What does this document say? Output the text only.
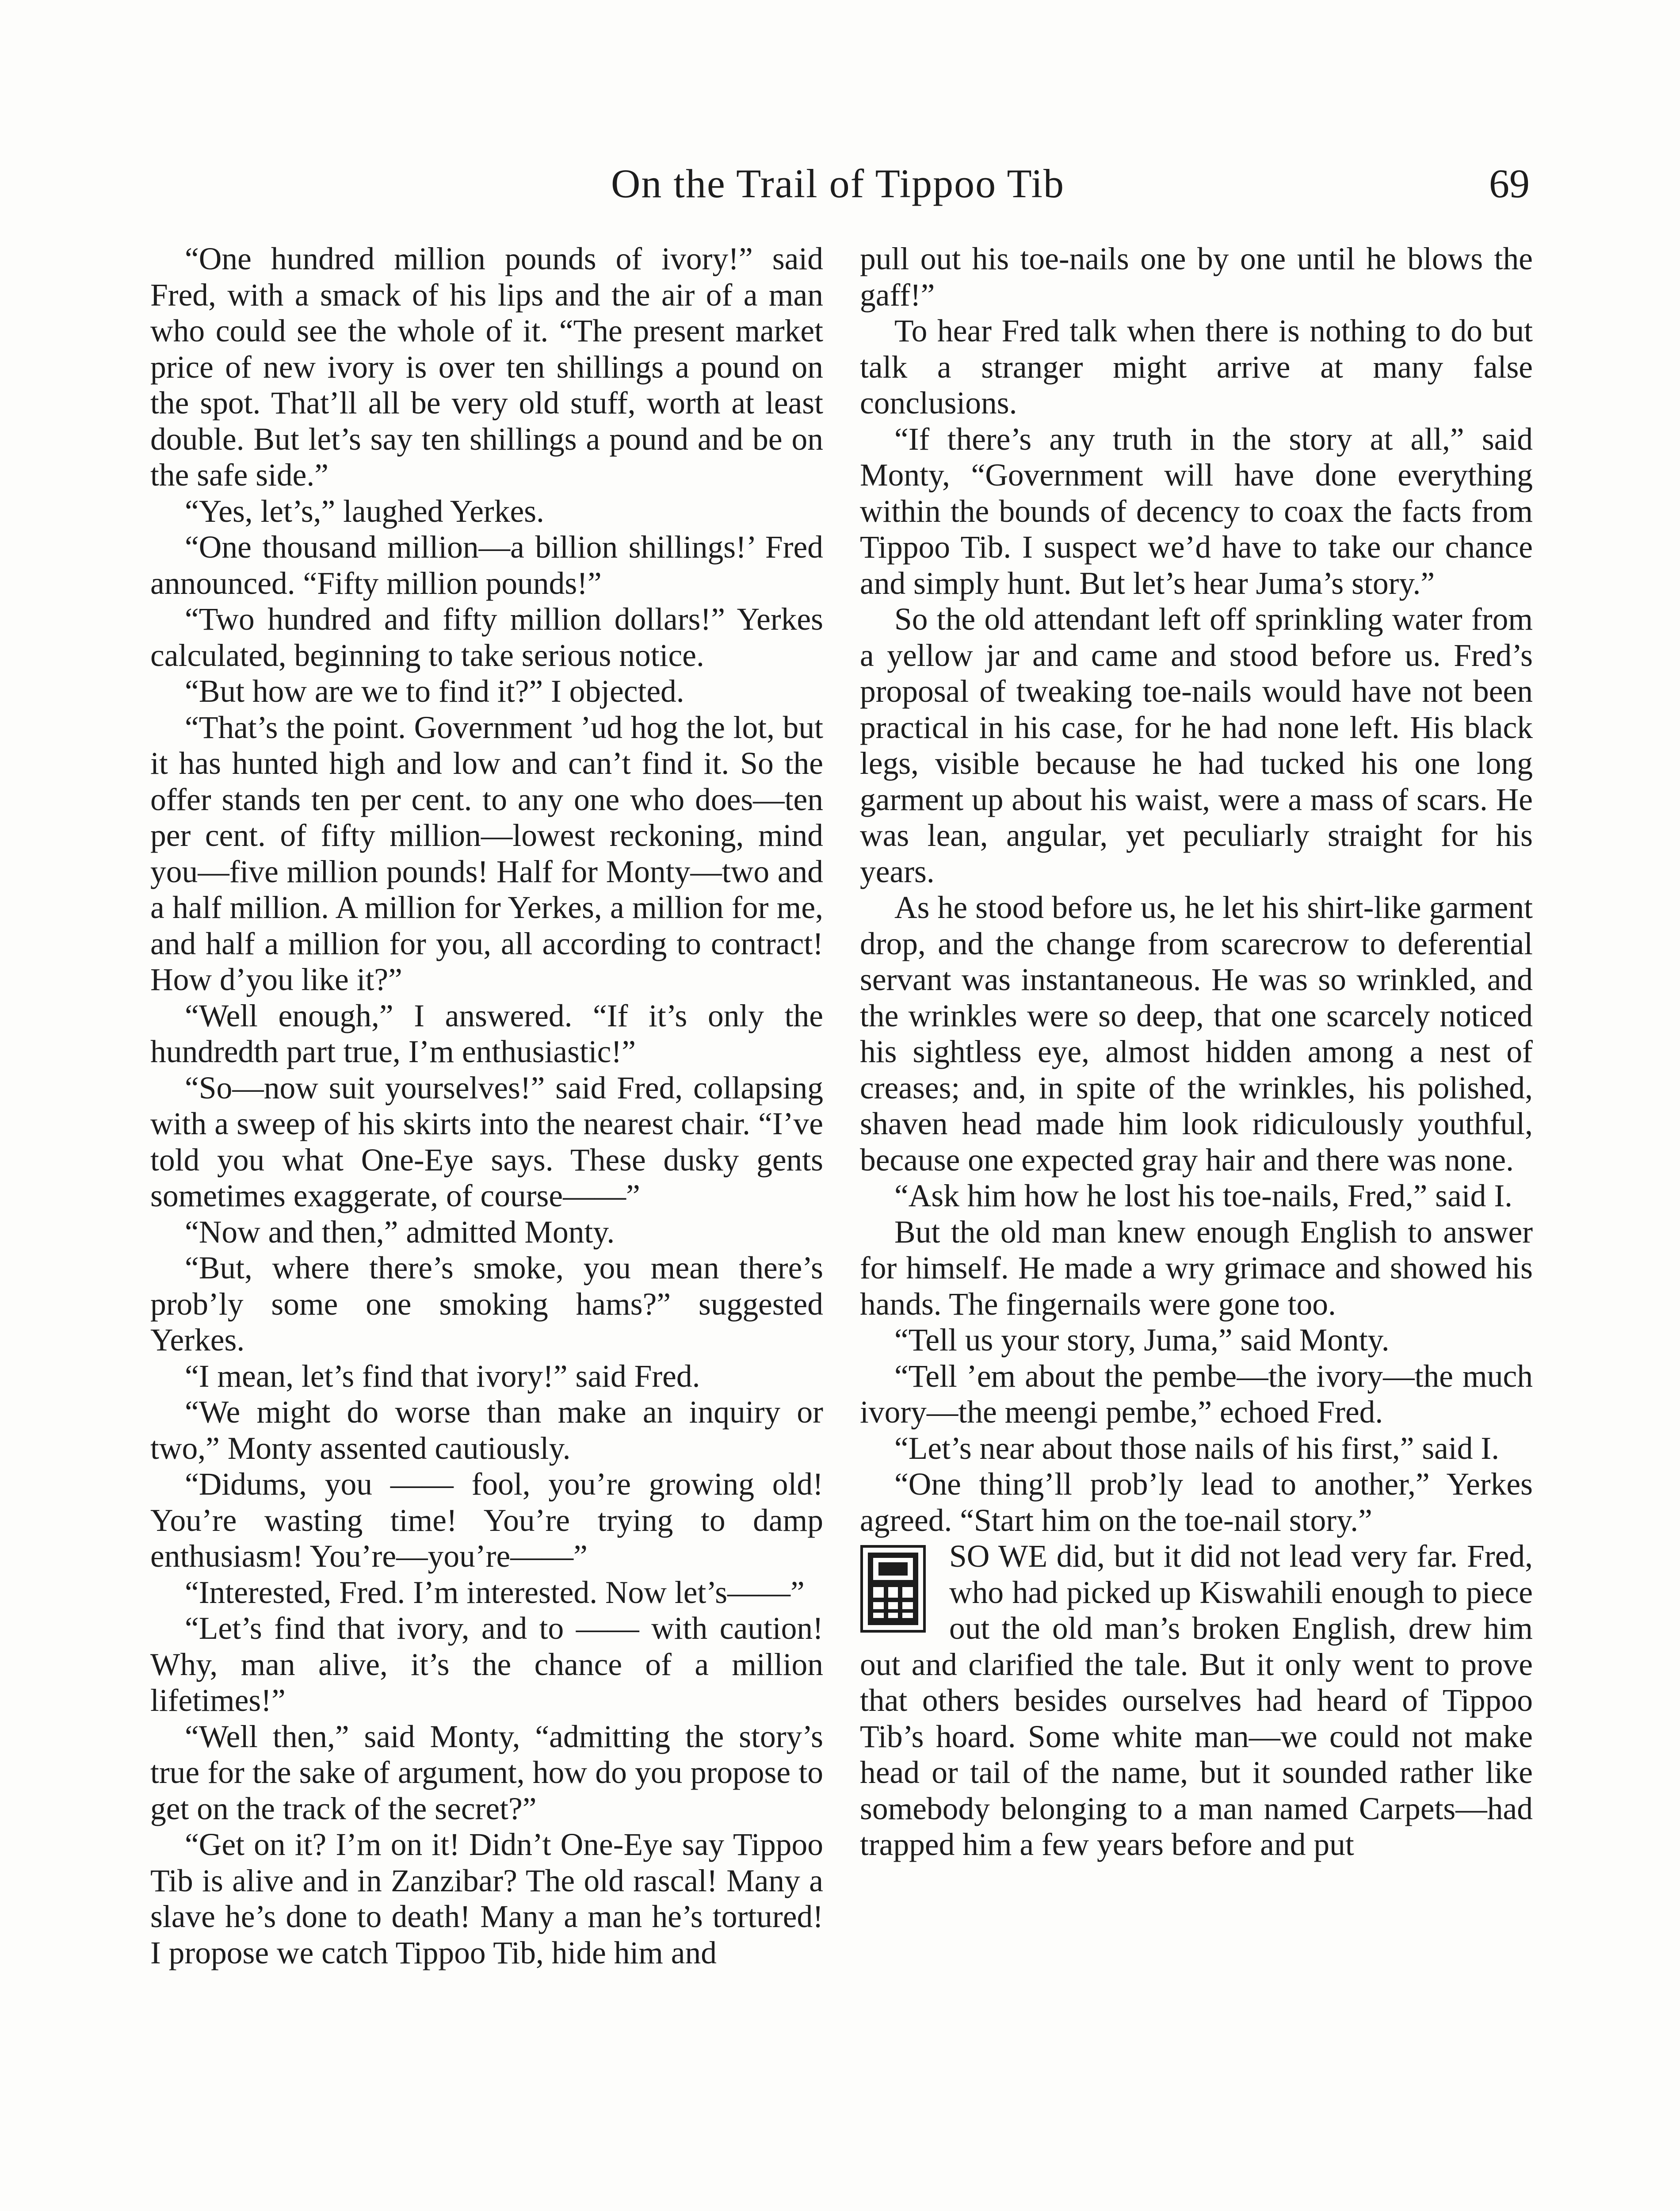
On the Trail of Tippoo Tib	69

“One hundred million pounds of ivory!” said Fred, with a smack of his lips and the air of a man who could see the whole of it. “The present market price of new ivory is over ten shillings a pound on the spot. That’ll all be very old stuff, worth at least double. But let’s say ten shillings a pound and be on the safe side.”

“Yes, let’s,” laughed Yerkes.

“One thousand million—a billion shillings!’ Fred announced. “Fifty million pounds!”

“Two hundred and fifty million dollars!” Yerkes calculated, beginning to take serious notice.

“But how are we to find it?” I objected.

“That’s the point. Government ’ud hog the lot, but it has hunted high and low and can’t find it. So the offer stands ten per cent. to any one who does—ten per cent. of fifty million—lowest reckoning, mind you—five million pounds! Half for Monty—two and a half million. A million for Yerkes, a million for me, and half a million for you, all according to contract! How d’you like it?”

“Well enough,” I answered. “If it’s only the hundredth part true, I’m enthusiastic!”

“So—now suit yourselves!” said Fred, collapsing with a sweep of his skirts into the nearest chair. “I’ve told you what One-Eye says. These dusky gents sometimes exaggerate, of course——”

“Now and then,” admitted Monty.

“But, where there’s smoke, you mean there’s prob’ly some one smoking hams?” suggested Yerkes.

“I mean, let’s find that ivory!” said Fred.

“We might do worse than make an inquiry or two,” Monty assented cautiously.

“Didums, you —— fool, you’re growing old! You’re wasting time! You’re trying to damp enthusiasm! You’re—you’re——”

“Interested, Fred. I’m interested. Now let’s——”

“Let’s find that ivory, and to —— with caution! Why, man alive, it’s the chance of a million lifetimes!”

“Well then,” said Monty, “admitting the story’s true for the sake of argument, how do you propose to get on the track of the secret?”

“Get on it? I’m on it! Didn’t One-Eye say Tippoo Tib is alive and in Zanzibar? The old rascal! Many a slave he’s done to death! Many a man he’s tortured! I propose we catch Tippoo Tib, hide him and

pull out his toe-nails one by one until he blows the gaff!”

To hear Fred talk when there is nothing to do but talk a stranger might arrive at many false conclusions.

“If there’s any truth in the story at all,” said Monty, “Government will have done everything within the bounds of decency to coax the facts from Tippoo Tib. I suspect we’d have to take our chance and simply hunt. But let’s hear Juma’s story.”

So the old attendant left off sprinkling water from a yellow jar and came and stood before us. Fred’s proposal of tweaking toe-nails would have not been practical in his case, for he had none left. His black legs, visible because he had tucked his one long garment up about his waist, were a mass of scars. He was lean, angular, yet peculiarly straight for his years.

As he stood before us, he let his shirt-like garment drop, and the change from scarecrow to deferential servant was instantaneous. He was so wrinkled, and the wrinkles were so deep, that one scarcely noticed his sightless eye, almost hidden among a nest of creases; and, in spite of the wrinkles, his polished, shaven head made him look ridiculously youthful, because one expected gray hair and there was none.

“Ask him how he lost his toe-nails, Fred,” said I.

But the old man knew enough English to answer for himself. He made a wry grimace and showed his hands. The fingernails were gone too.

“Tell us your story, Juma,” said Monty.

“Tell ’em about the pembe—the ivory—the much ivory—the meengi pembe,” echoed Fred.

“Let’s near about those nails of his first,” said I.

“One thing’ll prob’ly lead to another,” Yerkes agreed. “Start him on the toe-nail story.”

SO WE did, but it did not lead very far. Fred, who had picked up Kiswahili enough to piece out the old man’s broken English, drew him out and clarified the tale. But it only went to prove that others besides ourselves had heard of Tippoo Tib’s hoard. Some white man—we could not make head or tail of the name, but it sounded rather like somebody belonging to a man named Carpets—had trapped him a few years before and put
